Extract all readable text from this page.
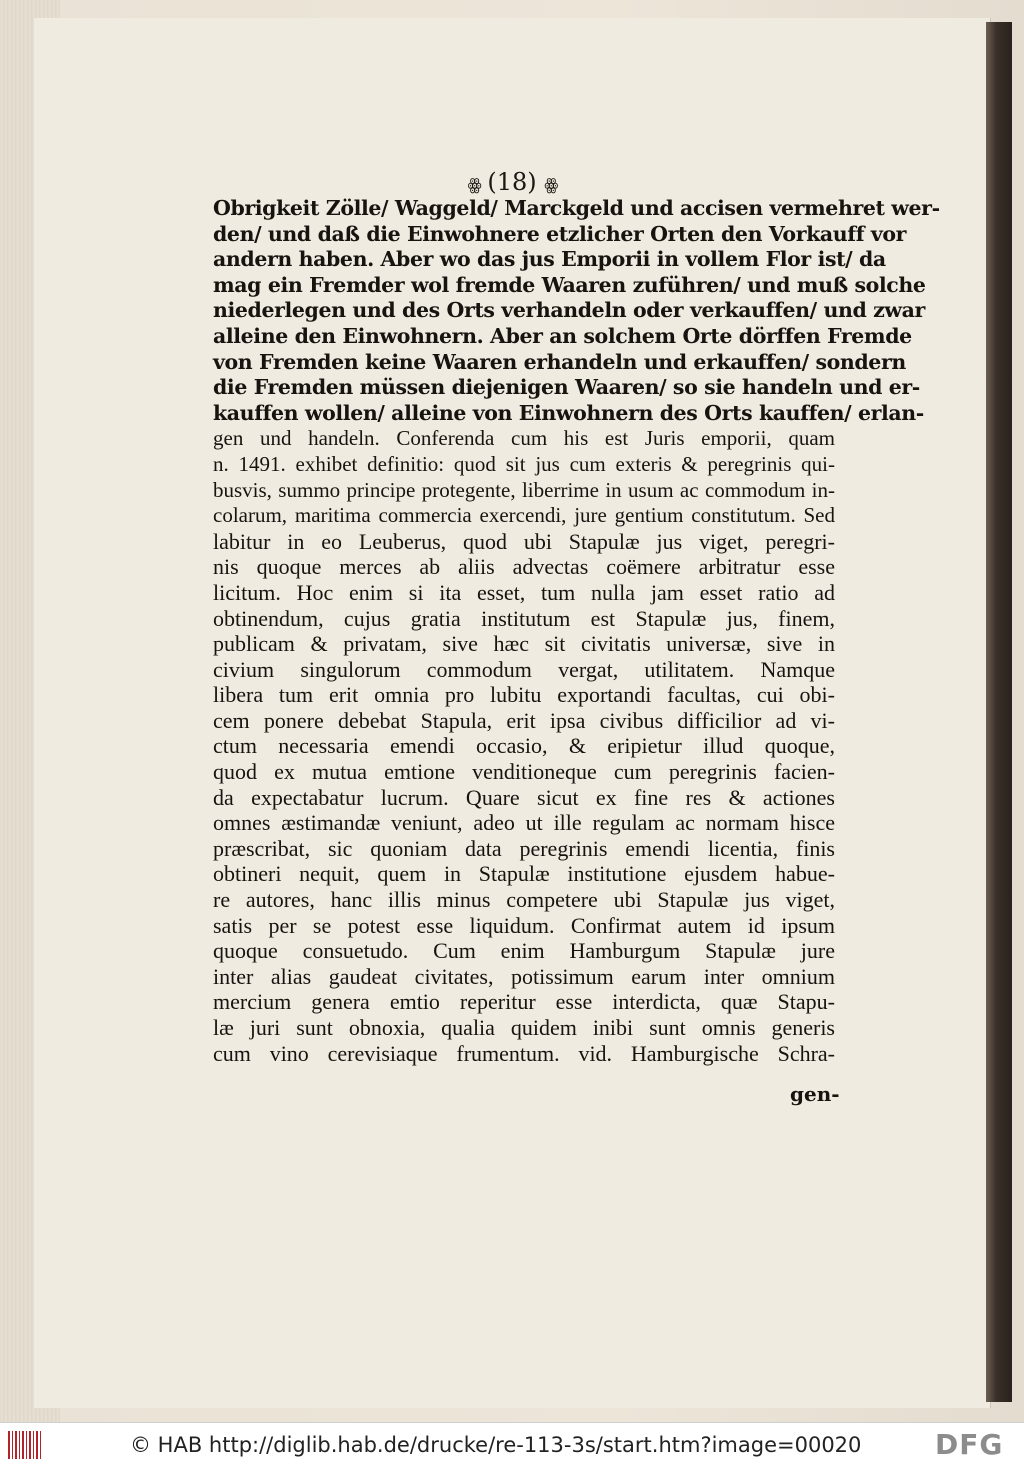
ꙮ (18) ꙮ
Obrigkeit Zölle/ Waggeld/ Marckgeld und accisen vermehret wer-
den/ und daß die Einwohnere etzlicher Orten den Vorkauff vor
andern haben. Aber wo das jus Emporii in vollem Flor ist/ da
mag ein Fremder wol fremde Waaren zuführen/ und muß solche
niederlegen und des Orts verhandeln oder verkauffen/ und zwar
alleine den Einwohnern. Aber an solchem Orte dörffen Fremde
von Fremden keine Waaren erhandeln und erkauffen/ sondern
die Fremden müssen diejenigen Waaren/ so sie handeln und er-
kauffen wollen/ alleine von Einwohnern des Orts kauffen/ erlan-
gen und handeln. Conferenda cum his est Juris emporii, quam
n. 1491. exhibet definitio: quod sit jus cum exteris & peregrinis qui-
busvis, summo principe protegente, liberrime in usum ac commodum in-
colarum, maritima commercia exercendi, jure gentium constitutum. Sed
labitur in eo Leuberus, quod ubi Stapulæ jus viget, peregri-
nis quoque merces ab aliis advectas coëmere arbitratur esse
licitum. Hoc enim si ita esset, tum nulla jam esset ratio ad
obtinendum, cujus gratia institutum est Stapulæ jus, finem,
publicam & privatam, sive hæc sit civitatis universæ, sive in
civium singulorum commodum vergat, utilitatem. Namque
libera tum erit omnia pro lubitu exportandi facultas, cui obi-
cem ponere debebat Stapula, erit ipsa civibus difficilior ad vi-
ctum necessaria emendi occasio, & eripietur illud quoque,
quod ex mutua emtione venditioneque cum peregrinis facien-
da expectabatur lucrum. Quare sicut ex fine res & actiones
omnes æstimandæ veniunt, adeo ut ille regulam ac normam hisce
præscribat, sic quoniam data peregrinis emendi licentia, finis
obtineri nequit, quem in Stapulæ institutione ejusdem habue-
re autores, hanc illis minus competere ubi Stapulæ jus viget,
satis per se potest esse liquidum. Confirmat autem id ipsum
quoque consuetudo. Cum enim Hamburgum Stapulæ jure
inter alias gaudeat civitates, potissimum earum inter omnium
mercium genera emtio reperitur esse interdicta, quæ Stapu-
læ juri sunt obnoxia, qualia quidem inibi sunt omnis generis
cum vino cerevisiaque frumentum. vid. Hamburgische Schra-
gen-
© HAB http://diglib.hab.de/drucke/re-113-3s/start.htm?image=00020	DFG
